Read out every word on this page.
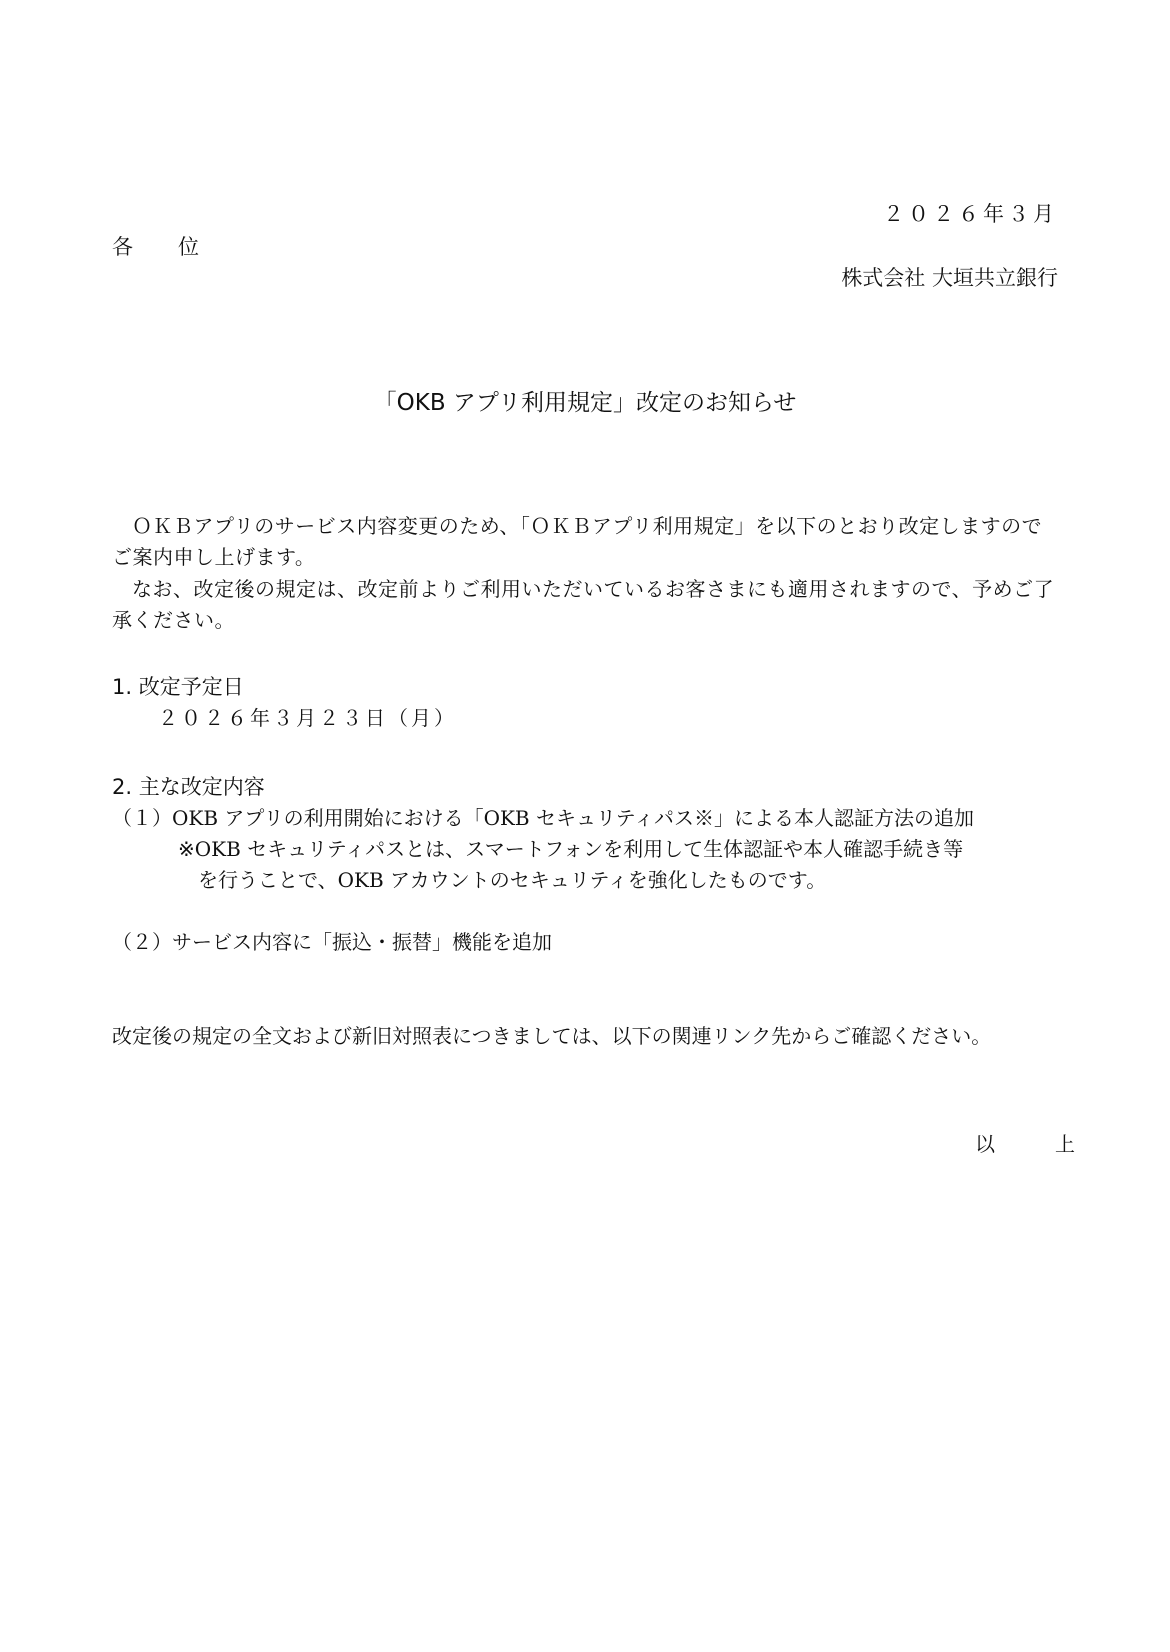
２０２６年３月
各　位
株式会社 大垣共立銀行
「OKB アプリ利用規定」改定のお知らせ
ＯＫＢアプリのサービス内容変更のため、「ＯＫＢアプリ利用規定」を以下のとおり改定しますのでご案内申し上げます。
なお、改定後の規定は、改定前よりご利用いただいているお客さまにも適用されますので、予めご了承ください。
1. 改定予定日
２０２６年３月２３日（月）
2. 主な改定内容
（１）OKB アプリの利用開始における「OKB セキュリティパス※」による本人認証方法の追加
※OKB セキュリティパスとは、スマートフォンを利用して生体認証や本人確認手続き等
を行うことで、OKB アカウントのセキュリティを強化したものです。
（２）サービス内容に「振込・振替」機能を追加
改定後の規定の全文および新旧対照表につきましては、以下の関連リンク先からご確認ください。
以　上
